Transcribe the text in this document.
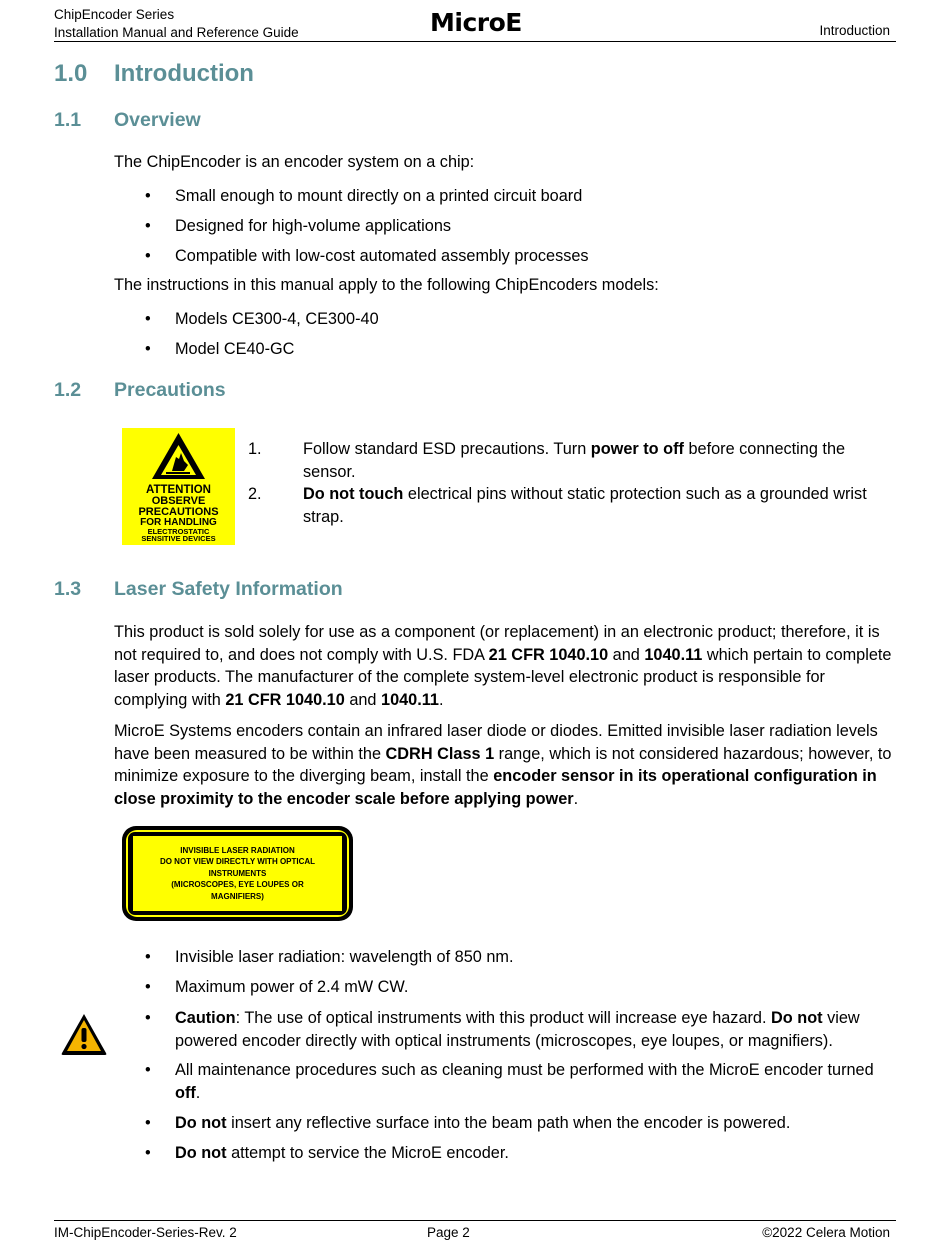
ChipEncoder Series
Installation Manual and Reference Guide	MicroE	Introduction
1.0 Introduction
1.1 Overview
The ChipEncoder is an encoder system on a chip:
• Small enough to mount directly on a printed circuit board
• Designed for high-volume applications
• Compatible with low-cost automated assembly processes
The instructions in this manual apply to the following ChipEncoders models:
• Models CE300-4, CE300-40
• Model CE40-GC
1.2 Precautions
ATTENTION
OBSERVE
PRECAUTIONS
FOR HANDLING
ELECTROSTATIC
SENSITIVE DEVICES
1.	Follow standard ESD precautions. Turn power to off before connecting the sensor.
2.	Do not touch electrical pins without static protection such as a grounded wrist strap.
1.3 Laser Safety Information
This product is sold solely for use as a component (or replacement) in an electronic product; therefore, it is not required to, and does not comply with U.S. FDA 21 CFR 1040.10 and 1040.11 which pertain to complete laser products. The manufacturer of the complete system-level electronic product is responsible for complying with 21 CFR 1040.10 and 1040.11.
MicroE Systems encoders contain an infrared laser diode or diodes. Emitted invisible laser radiation levels have been measured to be within the CDRH Class 1 range, which is not considered hazardous; however, to minimize exposure to the diverging beam, install the encoder sensor in its operational configuration in close proximity to the encoder scale before applying power.
INVISIBLE LASER RADIATION
DO NOT VIEW DIRECTLY WITH OPTICAL
INSTRUMENTS
(MICROSCOPES, EYE LOUPES OR
MAGNIFIERS)
• Invisible laser radiation: wavelength of 850 nm.
• Maximum power of 2.4 mW CW.
• Caution: The use of optical instruments with this product will increase eye hazard. Do not view powered encoder directly with optical instruments (microscopes, eye loupes, or magnifiers).
• All maintenance procedures such as cleaning must be performed with the MicroE encoder turned off.
• Do not insert any reflective surface into the beam path when the encoder is powered.
• Do not attempt to service the MicroE encoder.
IM-ChipEncoder-Series-Rev. 2	Page 2	©2022 Celera Motion
